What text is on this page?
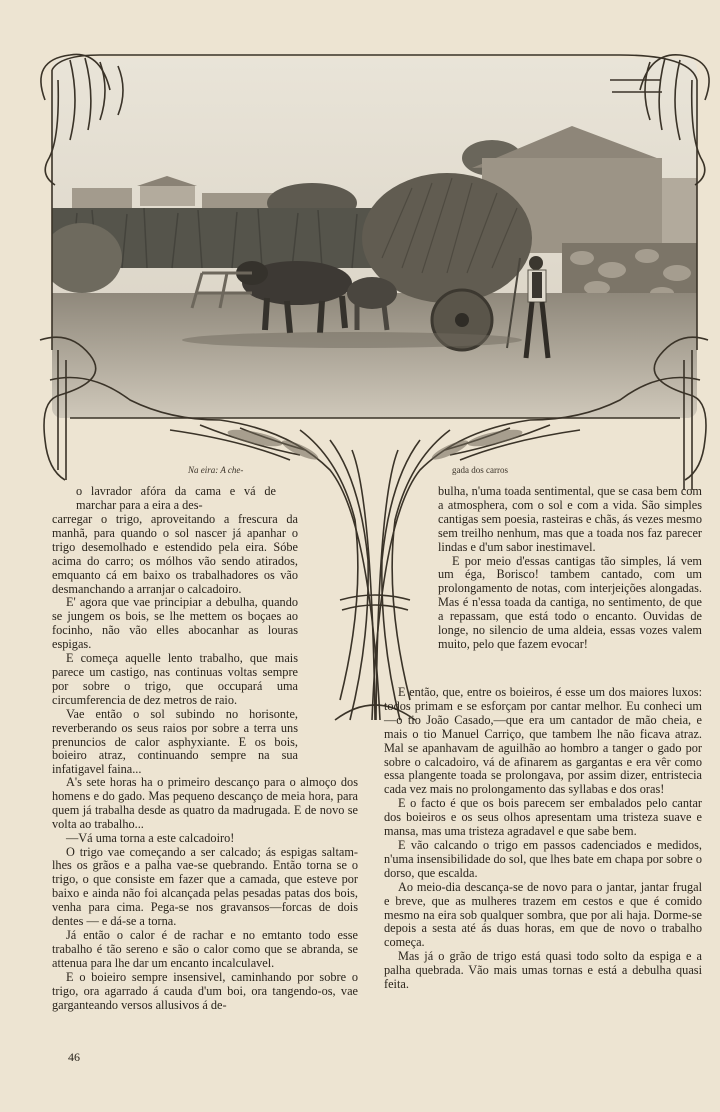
Na eira: A che-	gada dos carros

o lavrador afóra da cama e vá de marchar para a eira a des-

carregar o trigo, aproveitando a frescura da manhã, para quando o sol nascer já apanhar o trigo desemolhado e estendido pela eira. Sóbe acima do carro; os mólhos vão sendo atirados, emquanto cá em baixo os trabalhadores os vão desmanchando a arranjar o calcadoiro.

E' agora que vae principiar a debulha, quando se jungem os bois, se lhe mettem os boçaes ao focinho, não vão elles abocanhar as louras espigas.

E começa aquelle lento trabalho, que mais parece um castigo, nas continuas voltas sempre por sobre o trigo, que occupará uma circumferencia de dez metros de raio.

Vae então o sol subindo no horisonte, reverberando os seus raios por sobre a terra uns prenuncios de calor asphyxiante. E os bois, boieiro atraz, continuando sempre na sua infatigavel faina...

A's sete horas ha o primeiro descanço para o almoço dos homens e do gado. Mas pequeno descanço de meia hora, para quem já trabalha desde as quatro da madrugada. E de novo se volta ao trabalho...

—Vá uma torna a este calcadoiro!

O trigo vae começando a ser calcado; ás espigas saltam-lhes os grãos e a palha vae-se quebrando. Então torna se o trigo, o que consiste em fazer que a camada, que esteve por baixo e ainda não foi alcançada pelas pesadas patas dos bois, venha para cima. Pega-se nos gravansos—forcas de dois dentes — e dá-se a torna.

Já então o calor é de rachar e no emtanto todo esse trabalho é tão sereno e são o calor como que se abranda, se attenua para lhe dar um encanto incalculavel.

E o boieiro sempre insensivel, caminhando por sobre o trigo, ora agarrado á cauda d'um boi, ora tangendo-os, vae garganteando versos allusivos á de-

bulha, n'uma toada sentimental, que se casa bem com a atmosphera, com o sol e com a vida. São simples cantigas sem poesia, rasteiras e chãs, ás vezes mesmo sem treilho nenhum, mas que a toada nos faz parecer lindas e d'um sabor inestimavel.

E por meio d'essas cantigas tão simples, lá vem um éga, Borisco! tambem cantado, com um prolongamento de notas, com interjeições alongadas. Mas é n'essa toada da cantiga, no sentimento, de que a repassam, que está todo o encanto. Ouvidas de longe, no silencio de uma aldeia, essas vozes valem muito, pelo que fazem evocar!

E então, que, entre os boieiros, é esse um dos maiores luxos: todos primam e se esforçam por cantar melhor. Eu conheci um—o tio João Casado,—que era um cantador de mão cheia, e mais o tio Manuel Carriço, que tambem lhe não ficava atraz. Mal se apanhavam de aguilhão ao hombro a tanger o gado por sobre o calcadoiro, vá de afinarem as gargantas e era vêr como essa plangente toada se prolongava, por assim dizer, entristecia cada vez mais no prolongamento das syllabas e dos oras!

E o facto é que os bois parecem ser embalados pelo cantar dos boieiros e os seus olhos apresentam uma tristeza suave e mansa, mas uma tristeza agradavel e que sabe bem.

E vão calcando o trigo em passos cadenciados e medidos, n'uma insensibilidade do sol, que lhes bate em chapa por sobre o dorso, que escalda.

Ao meio-dia descança-se de novo para o jantar, jantar frugal e breve, que as mulheres trazem em cestos e que é comido mesmo na eira sob qualquer sombra, que por ali haja. Dorme-se depois a sesta até ás duas horas, em que de novo o trabalho começa.

Mas já o grão de trigo está quasi todo solto da espiga e a palha quebrada. Vão mais umas tornas e está a debulha quasi feita.

46
